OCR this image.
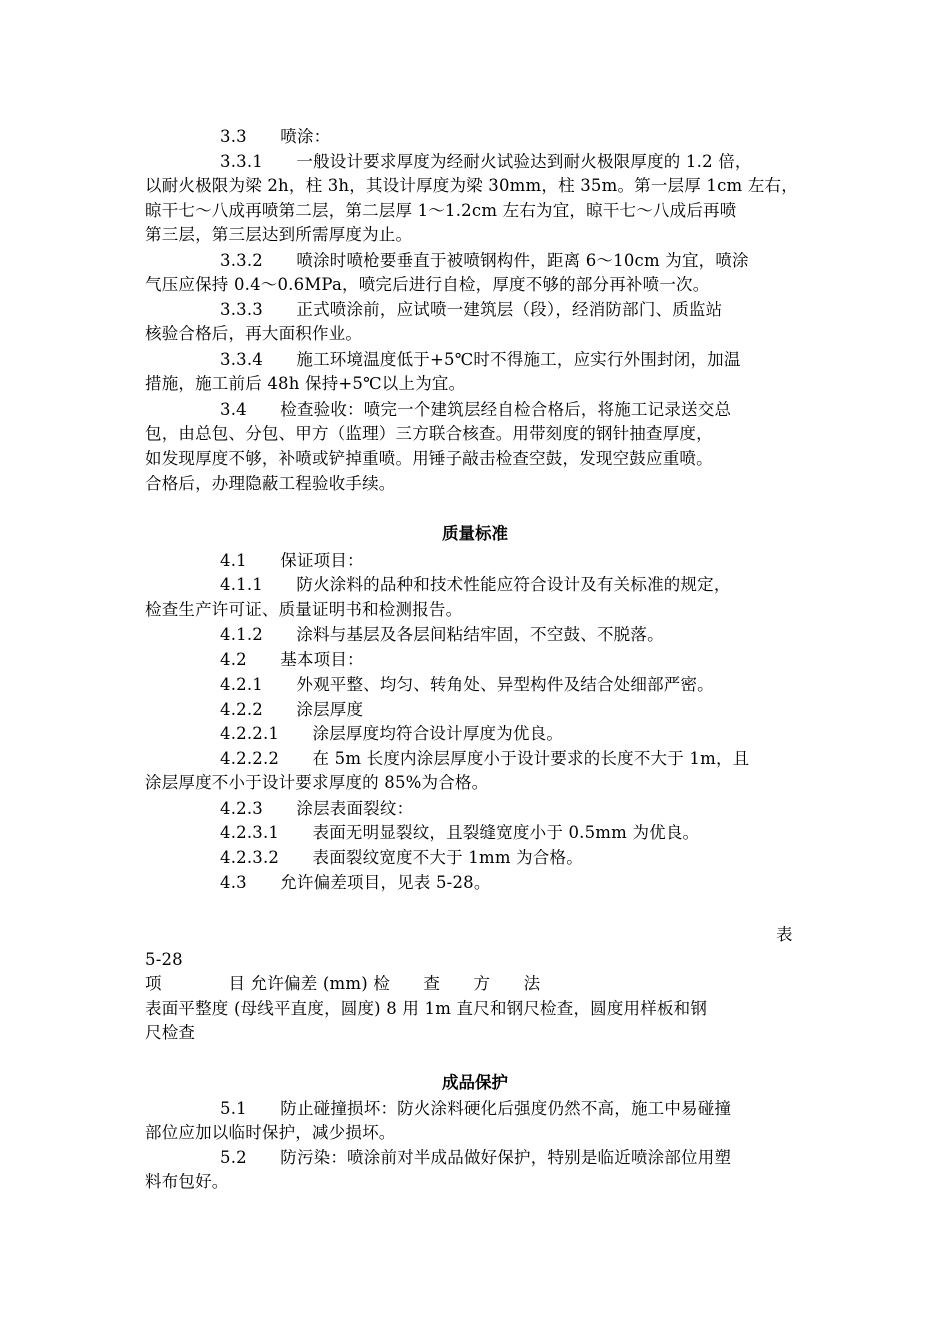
3.3　　喷涂：
3.3.1　　一般设计要求厚度为经耐火试验达到耐火极限厚度的 1.2 倍，
以耐火极限为梁 2h，柱 3h，其设计厚度为梁 30mm，柱 35m。第一层厚 1cm 左右，
晾干七～八成再喷第二层，第二层厚 1～1.2cm 左右为宜，晾干七～八成后再喷
第三层，第三层达到所需厚度为止。
3.3.2　　喷涂时喷枪要垂直于被喷钢构件，距离 6～10cm 为宜，喷涂
气压应保持 0.4～0.6MPa，喷完后进行自检，厚度不够的部分再补喷一次。
3.3.3　　正式喷涂前，应试喷一建筑层（段），经消防部门、质监站
核验合格后，再大面积作业。
3.3.4　　施工环境温度低于+5℃时不得施工，应实行外围封闭，加温
措施，施工前后 48h 保持+5℃以上为宜。
3.4　　检查验收：喷完一个建筑层经自检合格后，将施工记录送交总
包，由总包、分包、甲方（监理）三方联合核查。用带刻度的钢针抽查厚度，
如发现厚度不够，补喷或铲掉重喷。用锤子敲击检查空鼓，发现空鼓应重喷。
合格后，办理隐蔽工程验收手续。
质量标准
4.1　　保证项目：
4.1.1　　防火涂料的品种和技术性能应符合设计及有关标准的规定，
检查生产许可证、质量证明书和检测报告。
4.1.2　　涂料与基层及各层间粘结牢固，不空鼓、不脱落。
4.2　　基本项目：
4.2.1　　外观平整、均匀、转角处、异型构件及结合处细部严密。
4.2.2　　涂层厚度
4.2.2.1　　涂层厚度均符合设计厚度为优良。
4.2.2.2　　在 5m 长度内涂层厚度小于设计要求的长度不大于 1m，且
涂层厚度不小于设计要求厚度的 85%为合格。
4.2.3　　涂层表面裂纹：
4.2.3.1　　表面无明显裂纹，且裂缝宽度小于 0.5mm 为优良。
4.2.3.2　　表面裂纹宽度不大于 1mm 为合格。
4.3　　允许偏差项目，见表 5-28。
表
5-28
项　　　　目 允许偏差 (mm) 检　　查　　方　　法
表面平整度 (母线平直度，圆度) 8 用 1m 直尺和钢尺检查，圆度用样板和钢
尺检查
成品保护
5.1　　防止碰撞损坏：防火涂料硬化后强度仍然不高，施工中易碰撞
部位应加以临时保护，减少损坏。
5.2　　防污染：喷涂前对半成品做好保护，特别是临近喷涂部位用塑
料布包好。
